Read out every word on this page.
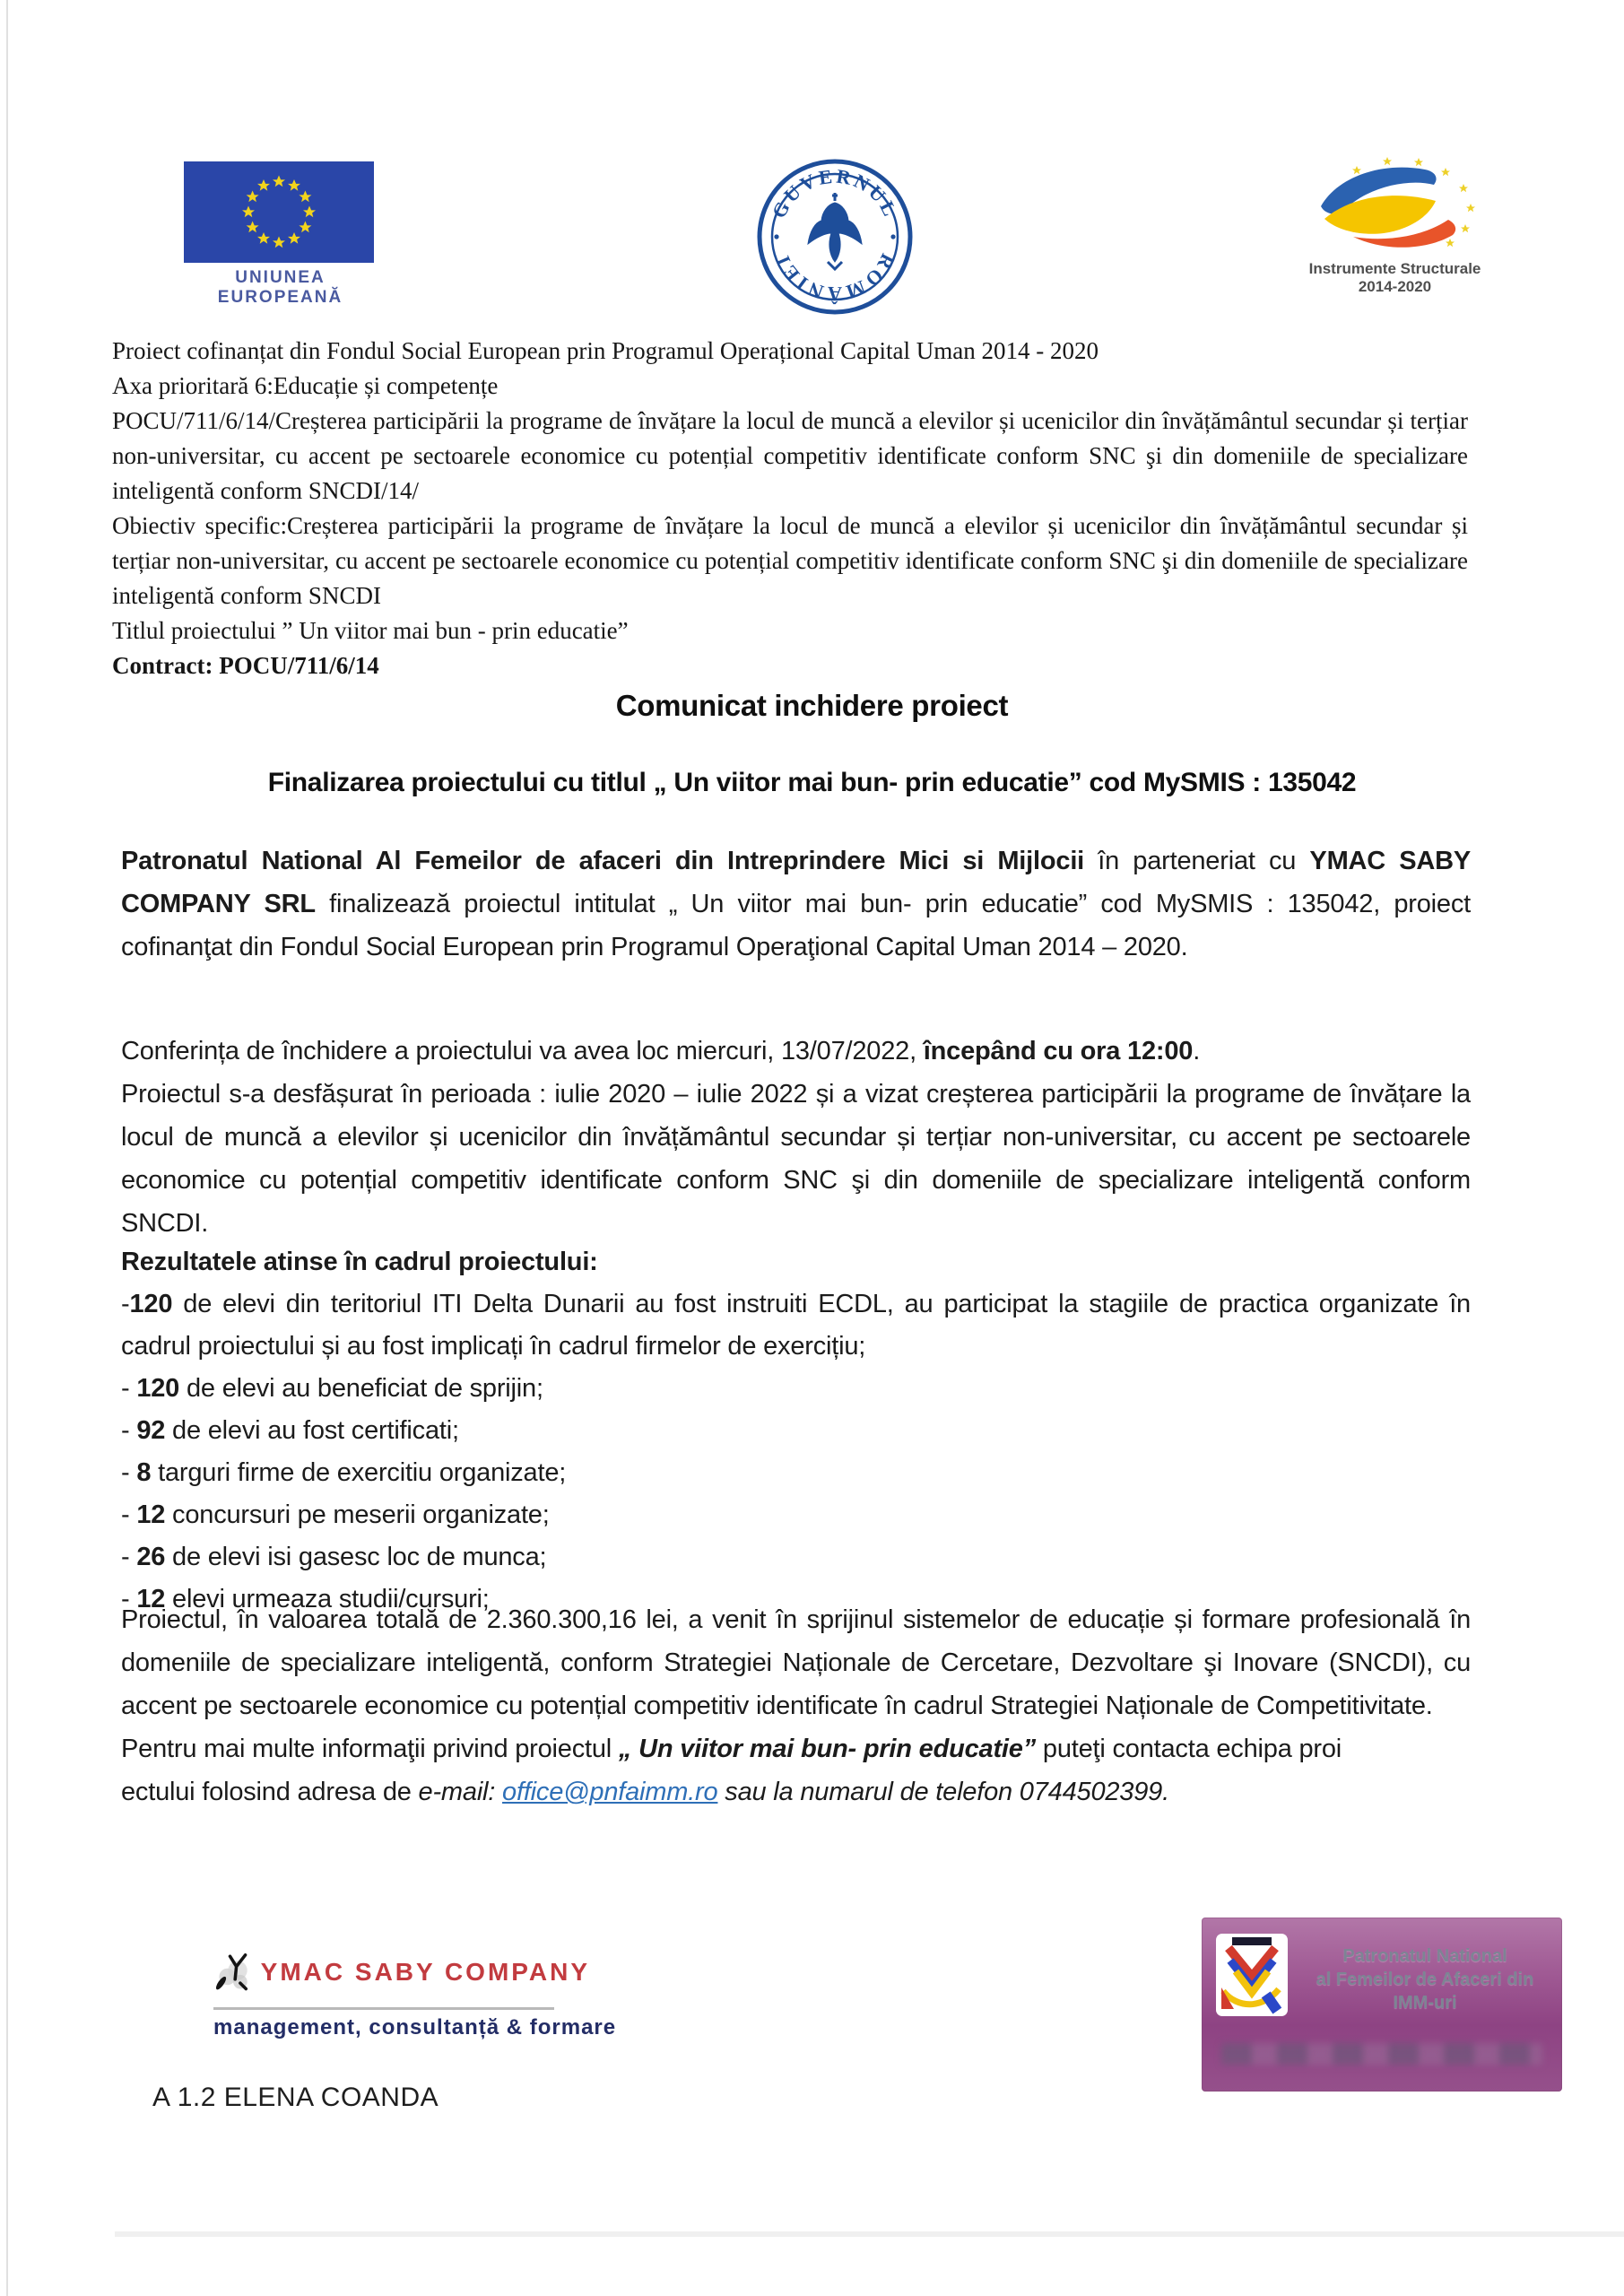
UNIUNEA EUROPEANĂ
GUVERNUL
ROMÂNIEI	Instrumente Structurale
2014-2020
Proiect cofinanțat din Fondul Social European prin Programul Operațional Capital Uman 2014 - 2020
Axa prioritară 6:Educație și competențe

POCU/711/6/14/Creșterea participării la programe de învățare la locul de muncă a elevilor și ucenicilor din învățământul secundar și terțiar non-universitar, cu accent pe sectoarele economice cu potențial competitiv identificate conform SNC şi din domeniile de specializare inteligentă conform SNCDI/14/

Obiectiv specific:Creșterea participării la programe de învățare la locul de muncă a elevilor și ucenicilor din învățământul secundar și terțiar non-universitar, cu accent pe sectoarele economice cu potențial competitiv identificate conform SNC şi din domeniile de specializare inteligentă conform SNCDI

Titlul proiectului ” Un viitor mai bun - prin educatie”
Contract: POCU/711/6/14
Comunicat inchidere proiect
Finalizarea proiectului cu titlul „ Un viitor mai bun- prin educatie” cod MySMIS : 135042

Patronatul National Al Femeilor de afaceri din Intreprindere Mici si Mijlocii în parteneriat cu YMAC SABY COMPANY SRL finalizează proiectul intitulat „ Un viitor mai bun- prin educatie” cod MySMIS : 135042, proiect cofinanţat din Fondul Social European prin Programul Operaţional Capital Uman 2014 – 2020.

Conferința de închidere a proiectului va avea loc miercuri, 13/07/2022, începând cu ora 12:00.

Proiectul s-a desfășurat în perioada : iulie 2020 – iulie 2022 și a vizat creșterea participării la programe de învățare la locul de muncă a elevilor și ucenicilor din învățământul secundar și terțiar non-universitar, cu accent pe sectoarele economice cu potențial competitiv identificate conform SNC şi din domeniile de specializare inteligentă conform SNCDI.

Rezultatele atinse în cadrul proiectului:

-120 de elevi din teritoriul ITI Delta Dunarii au fost instruiti ECDL, au participat la stagiile de practica organizate în cadrul proiectului și au fost implicați în cadrul firmelor de exercițiu;
- 120 de elevi au beneficiat de sprijin;
- 92 de elevi au fost certificati;
- 8 targuri firme de exercitiu organizate;
- 12 concursuri pe meserii organizate;
- 26 de elevi isi gasesc loc de munca;
- 12 elevi urmeaza studii/cursuri;

Proiectul, în valoarea totală de 2.360.300,16 lei, a venit în sprijinul sistemelor de educație și formare profesională în domeniile de specializare inteligentă, conform Strategiei Naționale de Cercetare, Dezvoltare şi Inovare (SNCDI), cu accent pe sectoarele economice cu potențial competitiv identificate în cadrul Strategiei Naționale de Competitivitate.

Pentru mai multe informaţii privind proiectul „ Un viitor mai bun- prin educatie” puteţi contacta echipa proi
ectului folosind adresa de e-mail: office@pnfaimm.ro sau la numarul de telefon 0744502399.

YMAC SABY COMPANY
management, consultanță & formare
Patronatul National
al Femeilor de Afaceri din
IMM-uri
A 1.2 ELENA COANDA
